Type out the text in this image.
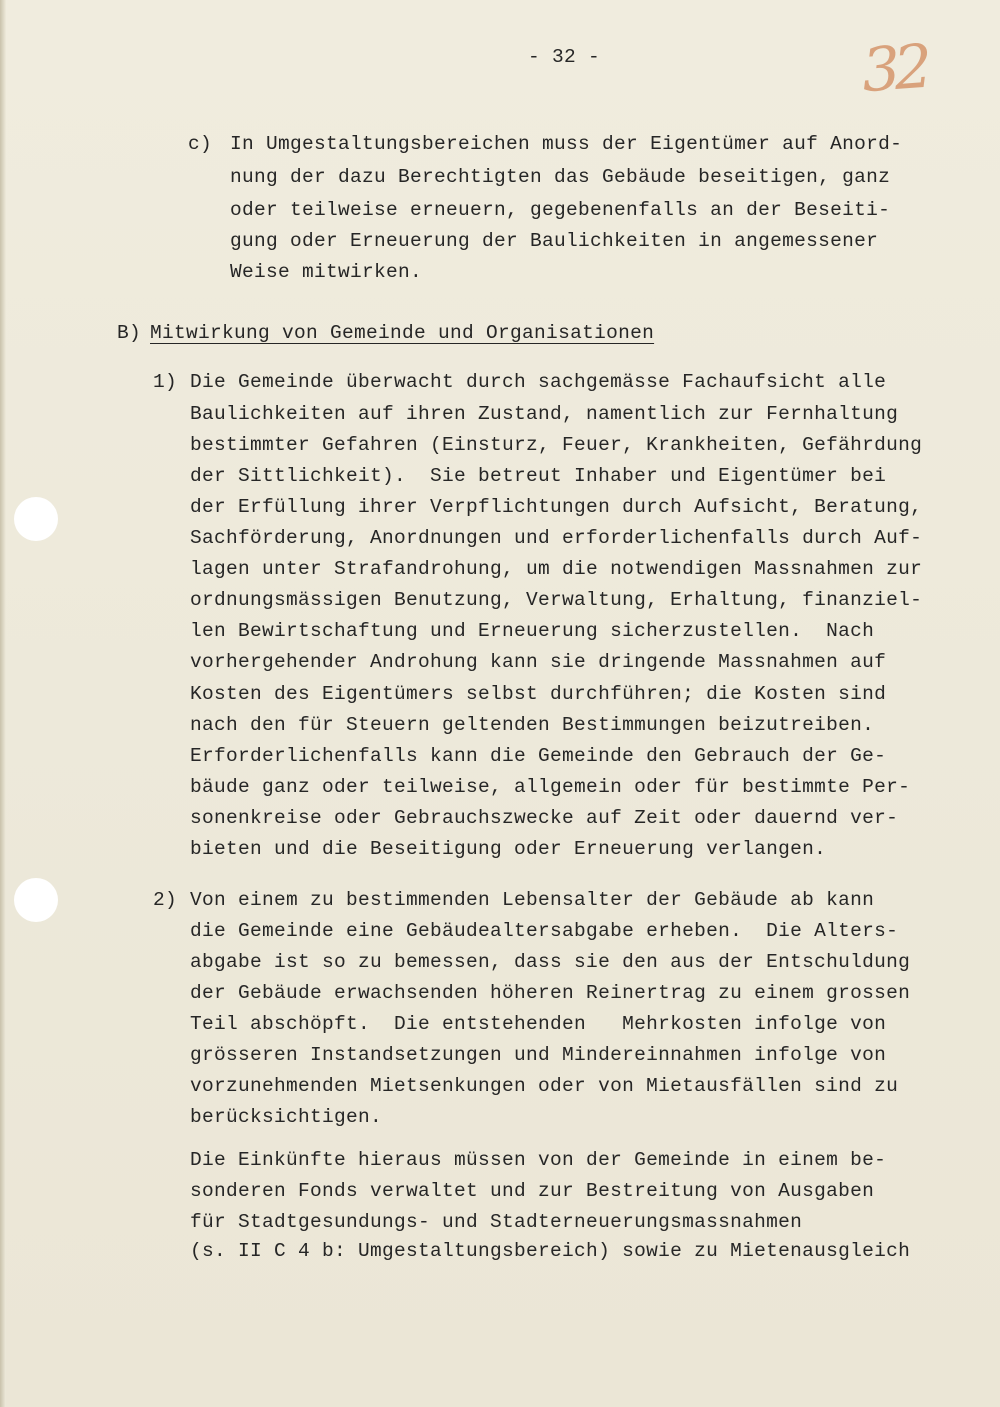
- 32 -	32
c) In Umgestaltungsbereichen muss der Eigentümer auf Anord-
nung der dazu Berechtigten das Gebäude beseitigen, ganz
oder teilweise erneuern, gegebenenfalls an der Beseiti-
gung oder Erneuerung der Baulichkeiten in angemessener
Weise mitwirken.
B) Mitwirkung von Gemeinde und Organisationen
1) Die Gemeinde überwacht durch sachgemässe Fachaufsicht alle
Baulichkeiten auf ihren Zustand, namentlich zur Fernhaltung
bestimmter Gefahren (Einsturz, Feuer, Krankheiten, Gefährdung
der Sittlichkeit).  Sie betreut Inhaber und Eigentümer bei
der Erfüllung ihrer Verpflichtungen durch Aufsicht, Beratung,
Sachförderung, Anordnungen und erforderlichenfalls durch Auf-
lagen unter Strafandrohung, um die notwendigen Massnahmen zur
ordnungsmässigen Benutzung, Verwaltung, Erhaltung, finanziel-
len Bewirtschaftung und Erneuerung sicherzustellen.  Nach
vorhergehender Androhung kann sie dringende Massnahmen auf
Kosten des Eigentümers selbst durchführen; die Kosten sind
nach den für Steuern geltenden Bestimmungen beizutreiben.
Erforderlichenfalls kann die Gemeinde den Gebrauch der Ge-
bäude ganz oder teilweise, allgemein oder für bestimmte Per-
sonenkreise oder Gebrauchszwecke auf Zeit oder dauernd ver-
bieten und die Beseitigung oder Erneuerung verlangen.
2) Von einem zu bestimmenden Lebensalter der Gebäude ab kann
die Gemeinde eine Gebäudealtersabgabe erheben.  Die Alters-
abgabe ist so zu bemessen, dass sie den aus der Entschuldung
der Gebäude erwachsenden höheren Reinertrag zu einem grossen
Teil abschöpft.  Die entstehenden   Mehrkosten infolge von
grösseren Instandsetzungen und Mindereinnahmen infolge von
vorzunehmenden Mietsenkungen oder von Mietausfällen sind zu
berücksichtigen.
Die Einkünfte hieraus müssen von der Gemeinde in einem be-
sonderen Fonds verwaltet und zur Bestreitung von Ausgaben
für Stadtgesundungs- und Stadterneuerungsmassnahmen
(s. II C 4 b: Umgestaltungsbereich) sowie zu Mietenausgleich
